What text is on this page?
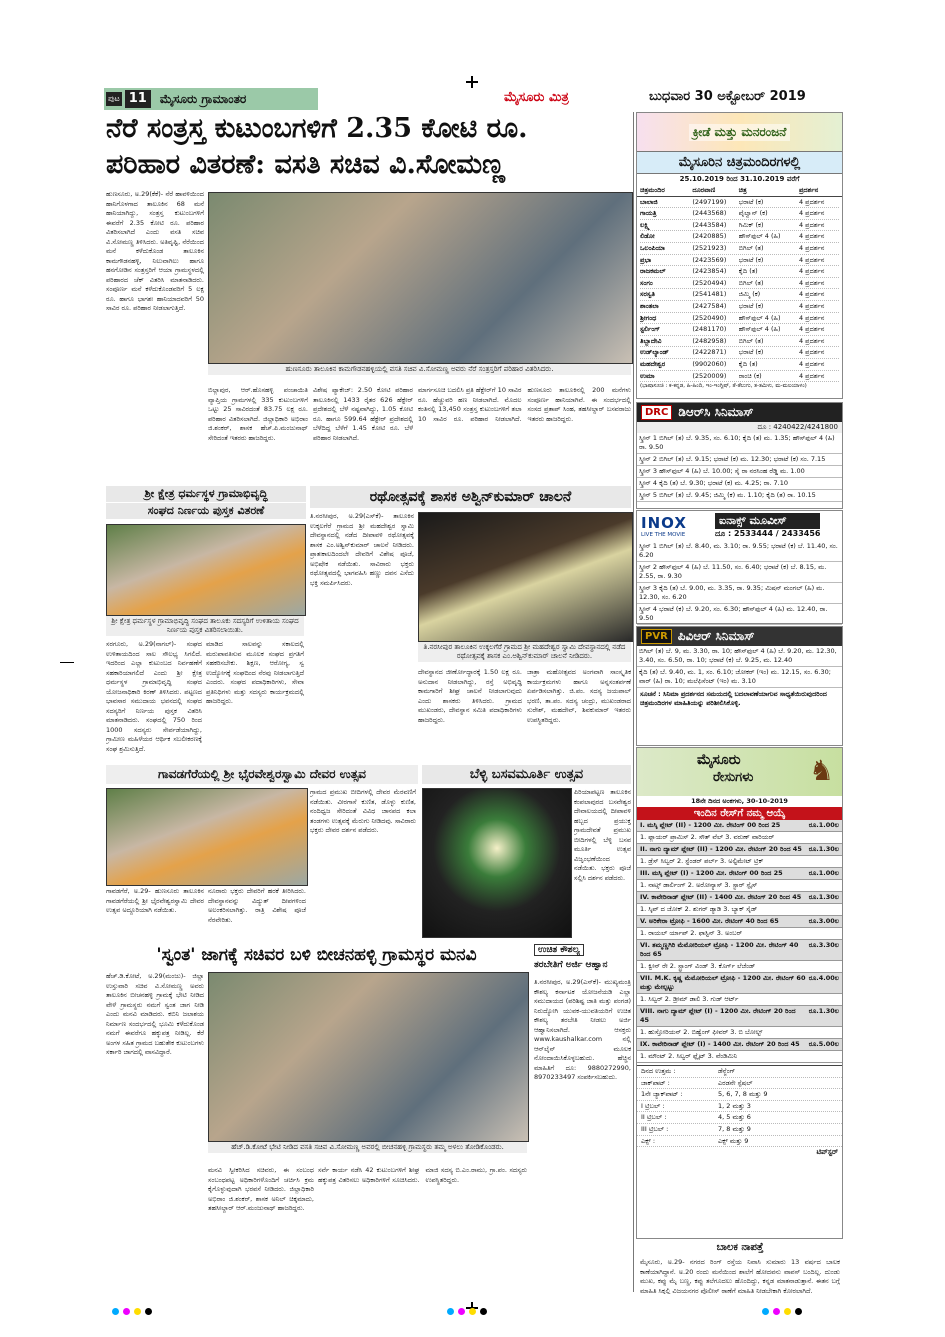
ಪುಟ 11	ಮೈಸೂರು ಗ್ರಾಮಾಂತರ	ಮೈಸೂರು ಮಿತ್ರ	ಬುಧವಾರ 30 ಅಕ್ಟೋಬರ್ 2019
ನೆರೆ ಸಂತ್ರಸ್ತ ಕುಟುಂಬಗಳಿಗೆ 2.35 ಕೋಟಿ ರೂ.
ಪರಿಹಾರ ವಿತರಣೆ: ವಸತಿ ಸಚಿವ ವಿ.ಸೋಮಣ್ಣ
ಹುಣಸೂರು, ಅ.29(ಕೆಕೆ)- ನೆರೆ ಹಾವಳಿಯಿಂದ ಹಾನಿಗೊಳಗಾದ ತಾಲೂಕಿನ 68 ಮನೆ ಹಾನಿಯಾಗಿದ್ದು, ಸಂತ್ರಸ್ತ ಕುಟುಂಬಗಳಿಗೆ ಈವರೆಗೆ 2.35 ಕೋಟಿ ರೂ. ಪರಿಹಾರ ವಿತರಿಸಲಾಗಿದೆ ಎಂದು ವಸತಿ ಸಚಿವ ವಿ.ಸೋಮಣ್ಣ ತಿಳಿಸಿದರು. ಅತಿವೃಷ್ಟಿ, ನೆರೆಯಿಂದ ಮನೆ ಕಳೆದುಕೊಂಡ ತಾಲೂಕಿನ ಕಾಮಗೌಡನಹಳ್ಳಿ, ನಿಲುವಾಗಿಲು ಹಾಗೂ ಹನಗೋಡಿನ ಸಂತ್ರಸ್ತರಿಗೆ ಆಯಾ ಗ್ರಾಮಸ್ಥಳದಲ್ಲಿ ಪರಿಹಾರದ ಚೆಕ್ ವಿತರಿಸಿ ಮಾತನಾಡಿದರು. ಸಂಪೂರ್ಣ ಮನೆ ಕಳೆದುಕೊಂಡವರಿಗೆ 5 ಲಕ್ಷ ರೂ. ಹಾಗೂ ಭಾಗಶಃ ಹಾನಿಯಾದವರಿಗೆ 50 ಸಾವಿರ ರೂ. ಪರಿಹಾರ ನೀಡಲಾಗುತ್ತಿದೆ.
ಹುಣಸೂರು ತಾಲೂಕಿನ ಕಾಮಗೌಡನಹಳ್ಳಿಯಲ್ಲಿ ವಸತಿ ಸಚಿವ ವಿ.ಸೋಮಣ್ಣ ಅವರು ನೆರೆ ಸಂತ್ರಸ್ತರಿಗೆ ಪರಿಹಾರ ವಿತರಿಸಿದರು.
ಬಿಲ್ಲಾಪುರ, ಆರ್.ಹೊಸಹಳ್ಳಿ ಪಂಚಾಯಿತಿ ವ್ಯಾಪ್ತಿಯ ಗ್ರಾಮಗಳಲ್ಲಿ 335 ಕುಟುಂಬಗಳಿಗೆ ಒಟ್ಟು 25 ಸಾವಿರದಂತೆ 83.75 ಲಕ್ಷ ರೂ. ಪರಿಹಾರ ವಿತರಿಸಲಾಗಿದೆ. ಜಿಲ್ಲಾಧಿಕಾರಿ ಅಭಿರಾಂ ಜಿ.ಶಂಕರ್, ಶಾಸಕ ಹೆಚ್.ಪಿ.ಮಂಜುನಾಥ್ ಸೇರಿದಂತೆ ಇತರರು ಹಾಜರಿದ್ದರು.
ವಿಶೇಷ ಪ್ಯಾಕೇಜ್: 2.50 ಕೋಟಿ ಪರಿಹಾರ ತಾಲೂಕಿನಲ್ಲಿ 1433 ರೈತರ 626 ಹೆಕ್ಟೇರ್ ಪ್ರದೇಶದಲ್ಲಿ ಬೆಳೆ ನಷ್ಟವಾಗಿದ್ದು, 1.05 ಕೋಟಿ ರೂ. ಹಾಗೂ 599.64 ಹೆಕ್ಟೇರ್ ಪ್ರದೇಶದಲ್ಲಿ ಬೆಳೆದಿದ್ದ ಬೆಳೆಗೆ 1.45 ಕೋಟಿ ರೂ. ಬೆಳೆ ಪರಿಹಾರ ನೀಡಲಾಗಿದೆ.
ಮಾರ್ಗಸೂಚಿ ಬದಲಿಸಿ ಪ್ರತಿ ಹೆಕ್ಟೇರ್‌ಗೆ 10 ಸಾವಿರ ರೂ. ಹೆಚ್ಚುವರಿ ಹಣ ನೀಡಲಾಗಿದೆ. ಮೊದಲ ಕಂತಿನಲ್ಲಿ 13,450 ಸಂತ್ರಸ್ತ ಕುಟುಂಬಗಳಿಗೆ ತಲಾ 10 ಸಾವಿರ ರೂ. ಪರಿಹಾರ ನೀಡಲಾಗಿದೆ. ಹುಣಸೂರು ತಾಲೂಕಿನಲ್ಲಿ 200 ಮನೆಗಳು ಸಂಪೂರ್ಣ ಹಾನಿಯಾಗಿವೆ. ಈ ಸಂದರ್ಭದಲ್ಲಿ ಸಂಸದ ಪ್ರತಾಪ್ ಸಿಂಹ, ತಹಸೀಲ್ದಾರ್ ಬಸವರಾಜು ಇತರರು ಹಾಜರಿದ್ದರು.
ಕ್ರೀಡೆ ಮತ್ತು ಮನರಂಜನೆ
ಮೈಸೂರಿನ ಚಿತ್ರಮಂದಿರಗಳಲ್ಲಿ
25.10.2019 ರಿಂದ 31.10.2019 ವರೆಗೆ
ಚಿತ್ರಮಂದಿರ	ದೂರವಾಣಿ	ಚಿತ್ರ	ಪ್ರದರ್ಶನ
ಬಾಲಾಜಿ	(2497199)	ಭರಾಟೆ (ಕ)	4 ಪ್ರದರ್ಶನ
ಗಾಯತ್ರಿ	(2443568)	ಪೈಲ್ವಾನ್ (ಕ)	4 ಪ್ರದರ್ಶನ
ಲಕ್ಷ್ಮಿ	(2443584)	ಗಿಮಿಕ್ (ಕ)	4 ಪ್ರದರ್ಶನ
ಲಿಡೋ	(2420885)	ಹೌಸ್‌ಫುಲ್ 4 (ಹಿ)	4 ಪ್ರದರ್ಶನ
ಒಲಂಪಿಯಾ	(2521923)	ಬಿಗಿಲ್ (ತ)	4 ಪ್ರದರ್ಶನ
ಪ್ರಭಾ	(2423569)	ಭರಾಟೆ (ಕ)	4 ಪ್ರದರ್ಶನ
ರಾಜಕಮಲ್	(2423854)	ಕೈದಿ (ತ)	4 ಪ್ರದರ್ಶನ
ಸಂಗಂ	(2520494)	ಬಿಗಿಲ್ (ತ)	4 ಪ್ರದರ್ಶನ
ಸರಸ್ವತಿ	(2541481)	ಜಿಮ್ಮಿ (ಕ)	4 ಪ್ರದರ್ಶನ
ಶಾಂತಲಾ	(2427584)	ಭರಾಟೆ (ಕ)	4 ಪ್ರದರ್ಶನ
ಶ್ರೀಗಂಧ	(2520490)	ಹೌಸ್‌ಫುಲ್ 4 (ಹಿ)	4 ಪ್ರದರ್ಶನ
ಸ್ಟರ್ಲಿಂಗ್	(2481170)	ಹೌಸ್‌ಫುಲ್ 4 (ಹಿ)	4 ಪ್ರದರ್ಶನ
ತಿಬ್ಬಾದೇವಿ	(2482958)	ಬಿಗಿಲ್ (ತ)	4 ಪ್ರದರ್ಶನ
ಉಡ್‌ಲ್ಯಾಂಡ್	(2422871)	ಭರಾಟೆ (ಕ)	4 ಪ್ರದರ್ಶನ
ಮಹದೇಶ್ವರ	(9902060)	ಕೈದಿ (ತ)	4 ಪ್ರದರ್ಶನ
ಉಮಾ	(2520009)	ರಾಂಚಿ (ಕ)	4 ಪ್ರದರ್ಶನ
(ಭಾಷಾಸೂಚಿ : ಕ-ಕನ್ನಡ, ಹಿ-ಹಿಂದಿ, ಇಂ-ಇಂಗ್ಲಿಷ್, ತೆ-ತೆಲುಗು, ತ-ತಮಿಳು, ಮ-ಮಲಯಾಳಂ)
DRC ಡಿಆರ್‌ಸಿ ಸಿನಿಮಾಸ್
ದೂ : 4240422/4241800
ಸ್ಕ್ರೀನ್ 1 ಬಿಗಿಲ್ (ತ) ಬೆ. 9.35, ಸಂ. 6.10; ಕೈದಿ (ತ) ಮ. 1.35; ಹೌಸ್‌ಫುಲ್ 4 (ಹಿ) ರಾ. 9.50
ಸ್ಕ್ರೀನ್ 2 ಬಿಗಿಲ್ (ತ) ಬೆ. 9.15; ಭರಾಟೆ (ಕ) ಮ. 12.30; ಭರಾಟೆ (ಕ) ಸಂ. 7.15
ಸ್ಕ್ರೀನ್ 3 ಹೌಸ್‌ಫುಲ್ 4 (ಹಿ) ಬೆ. 10.00; ಸೈ ರಾ ನರಸಿಂಹ ರೆಡ್ಡಿ ಮ. 1.00
ಸ್ಕ್ರೀನ್ 4 ಕೈದಿ (ತ) ಬೆ. 9.30; ಭರಾಟೆ (ಕ) ಮ. 4.25; ರಾ. 7.10
ಸ್ಕ್ರೀನ್ 5 ಬಿಗಿಲ್ (ತ) ಬೆ. 9.45; ಜಿಮ್ಮಿ (ಕ) ಮ. 1.10; ಕೈದಿ (ತ) ರಾ. 10.15
INOX
LIVE THE MOVIE
ಐನಾಕ್ಸ್ ಮೂವೀಸ್
ದೂ : 2533444 / 2433456
ಸ್ಕ್ರೀನ್ 1 ಬಿಗಿಲ್ (ತ) ಬೆ. 8.40, ಮ. 3.10; ರಾ. 9.55; ಭರಾಟೆ (ಕ) ಬೆ. 11.40, ಸಂ. 6.20
ಸ್ಕ್ರೀನ್ 2 ಹೌಸ್‌ಫುಲ್ 4 (ಹಿ) ಬೆ. 11.50, ಸಂ. 6.40; ಭರಾಟೆ (ಕ) ಬೆ. 8.15, ಮ. 2.55, ರಾ. 9.30
ಸ್ಕ್ರೀನ್ 3 ಕೈದಿ (ತ) ಬೆ. 9.00, ಮ. 3.35, ರಾ. 9.35; ಮಿಷನ್ ಮಂಗಲ್ (ಹಿ) ಮ. 12.30, ಸಂ. 6.20
ಸ್ಕ್ರೀನ್ 4 ಭರಾಟೆ (ಕ) ಬೆ. 9.20, ಸಂ. 6.30; ಹೌಸ್‌ಫುಲ್ 4 (ಹಿ) ಮ. 12.40, ರಾ. 9.50
PVR ಪಿವಿಆರ್ ಸಿನಿಮಾಸ್
ಬಿಗಿಲ್ (ತ) ಬೆ. 9, ಮ. 3.30, ರಾ. 10; ಹೌಸ್‌ಫುಲ್ 4 (ಹಿ) ಬೆ. 9.20, ಮ. 12.30, 3.40, ಸಂ. 6.50, ರಾ. 10; ಭರಾಟೆ (ಕ) ಬೆ. 9.25, ಮ. 12.40
ಕೈದಿ (ತ) ಬೆ. 9.40, ಮ. 1, ಸಂ. 6.10; ಜೋಕರ್ (ಇಂ) ಮ. 12.15, ಸಂ. 6.30; ವಾರ್ (ಹಿ) ರಾ. 10; ಮಲೆಫಿಸೆಂಟ್ (ಇಂ) ಮ. 3.10
ಸೂಚನೆ : ಸಿನಿಮಾ ಪ್ರದರ್ಶನದ ಸಮಯದಲ್ಲಿ ಬದಲಾವಣೆಯಾಗುವ ಸಾಧ್ಯತೆಯಿರುವುದರಿಂದ ಚಿತ್ರಮಂದಿರಗಳ ಮಾಹಿತಿಯನ್ನು ಪರಿಶೀಲಿಸಿಕೊಳ್ಳಿ.
ಶ್ರೀ ಕ್ಷೇತ್ರ ಧರ್ಮಸ್ಥಳ ಗ್ರಾಮಾಭಿವೃದ್ಧಿ
ಸಂಘದ ನಿರ್ಣಯ ಪುಸ್ತಕ ವಿತರಣೆ
ಶ್ರೀ ಕ್ಷೇತ್ರ ಧರ್ಮಸ್ಥಳ ಗ್ರಾಮಾಭಿವೃದ್ಧಿ ಸಂಘದ ತಾಲೂಕು ಸದಸ್ಯರಿಗೆ ಉಳಿತಾಯ ಸಂಘದ ನಿರ್ಣಯ ಪುಸ್ತಕ ವಿತರಿಸಲಾಯಿತು.
ಸರಗೂರು, ಅ.29(ನಾಗಲ್)- ಸಂಘದ ಉಳಿತಾಯದಿಂದ ಸಾಲ ಸೌಲಭ್ಯ ಸಿಗಲಿದೆ. ಇದರಿಂದ ಎಲ್ಲಾ ಕುಟುಂಬದ ನಿರ್ವಹಣೆಗೆ ಸಹಕಾರಿಯಾಗಲಿದೆ ಎಂದು ಶ್ರೀ ಕ್ಷೇತ್ರ ಧರ್ಮಸ್ಥಳ ಗ್ರಾಮಾಭಿವೃದ್ಧಿ ಸಂಘದ ಯೋಜನಾಧಿಕಾರಿ ಕಿರಣ್ ತಿಳಿಸಿದರು. ಪಟ್ಟಣದ ಭಾವಸಾರ ಸಮುದಾಯ ಭವನದಲ್ಲಿ ಸಂಘದ ಸದಸ್ಯರಿಗೆ ನಿರ್ಣಯ ಪುಸ್ತಕ ವಿತರಿಸಿ ಮಾತನಾಡಿದರು. ಸಂಘದಲ್ಲಿ 750 ರಿಂದ 1000 ಸದಸ್ಯರು ಸೇರ್ಪಡೆಯಾಗಿದ್ದು, ಗ್ರಾಮೀಣ ಮಹಿಳೆಯರ ಆರ್ಥಿಕ ಸಬಲೀಕರಣಕ್ಕೆ ಸಂಘ ಶ್ರಮಿಸುತ್ತಿದೆ.
ಮಾಡಿದ ಸಾಲವನ್ನು ಸಕಾಲದಲ್ಲಿ ಮರುಪಾವತಿಸುವ ಮೂಲಕ ಸಂಘದ ಪ್ರಗತಿಗೆ ಸಹಕರಿಸಬೇಕು. ಶಿಕ್ಷಣ, ಆರೋಗ್ಯ, ಸ್ವ ಉದ್ಯೋಗಕ್ಕೆ ಸಂಘದಿಂದ ನೆರವು ನೀಡಲಾಗುತ್ತಿದೆ ಎಂದರು. ಸಂಘದ ಪದಾಧಿಕಾರಿಗಳು, ಸೇವಾ ಪ್ರತಿನಿಧಿಗಳು ಮತ್ತು ಸದಸ್ಯರು ಕಾರ್ಯಕ್ರಮದಲ್ಲಿ ಹಾಜರಿದ್ದರು.
ರಥೋತ್ಸವಕ್ಕೆ ಶಾಸಕ ಅಶ್ವಿನ್‌ಕುಮಾರ್ ಚಾಲನೆ
ತಿ.ನರಸೀಪುರ, ಅ.29(ಎಸ್‌ಕೆ)- ತಾಲೂಕಿನ ಉಕ್ಕಲಗೆರೆ ಗ್ರಾಮದ ಶ್ರೀ ಮಹದೇಶ್ವರ ಸ್ವಾಮಿ ದೇವಸ್ಥಾನದಲ್ಲಿ ನಡೆದ ದೀಪಾವಳಿ ರಥೋತ್ಸವಕ್ಕೆ ಶಾಸಕ ಎಂ.ಅಶ್ವಿನ್‌ಕುಮಾರ್ ಚಾಲನೆ ನೀಡಿದರು. ಪ್ರಾತಃಕಾಲದಿಂದಲೇ ದೇವರಿಗೆ ವಿಶೇಷ ಪೂಜೆ, ಅಭಿಷೇಕ ನಡೆಯಿತು. ಸಾವಿರಾರು ಭಕ್ತರು ರಥೋತ್ಸವದಲ್ಲಿ ಭಾಗವಹಿಸಿ ಹಣ್ಣು ದವನ ಎಸೆದು ಭಕ್ತಿ ಸಮರ್ಪಿಸಿದರು.
ತಿ.ನರಸೀಪುರ ತಾಲೂಕಿನ ಉಕ್ಕಲಗೆರೆ ಗ್ರಾಮದ ಶ್ರೀ ಮಹದೇಶ್ವರ ಸ್ವಾಮಿ ದೇವಸ್ಥಾನದಲ್ಲಿ ನಡೆದ ರಥೋತ್ಸವಕ್ಕೆ ಶಾಸಕ ಎಂ.ಅಶ್ವಿನ್‌ಕುಮಾರ್ ಚಾಲನೆ ನೀಡಿದರು.
ದೇವಸ್ಥಾನದ ಜೀರ್ಣೋದ್ಧಾರಕ್ಕೆ 1.50 ಲಕ್ಷ ರೂ. ಅನುದಾನ ನೀಡಲಾಗಿದ್ದು, ರಸ್ತೆ ಅಭಿವೃದ್ಧಿ ಕಾಮಗಾರಿಗೆ ಶೀಘ್ರ ಚಾಲನೆ ನೀಡಲಾಗುವುದು ಎಂದು ಶಾಸಕರು ತಿಳಿಸಿದರು. ಗ್ರಾಮದ ಮುಖಂಡರು, ದೇವಸ್ಥಾನ ಸಮಿತಿ ಪದಾಧಿಕಾರಿಗಳು ಹಾಜರಿದ್ದರು.
ಜಾತ್ರಾ ಮಹೋತ್ಸವದ ಅಂಗವಾಗಿ ಸಾಂಸ್ಕೃತಿಕ ಕಾರ್ಯಕ್ರಮಗಳು ಹಾಗೂ ಅನ್ನಸಂತರ್ಪಣೆ ಏರ್ಪಡಿಸಲಾಗಿತ್ತು. ಜಿ.ಪಂ. ಸದಸ್ಯ ಜಯಪಾಲ್ ಭರಣಿ, ತಾ.ಪಂ. ಸದಸ್ಯ ಚಂದ್ರು, ಮುಖಂಡರಾದ ಸುರೇಶ್, ಮಹದೇವ್, ಶಿವಕುಮಾರ್ ಇತರರು ಉಪಸ್ಥಿತರಿದ್ದರು.
ಗಾವಡಗೆರೆಯಲ್ಲಿ ಶ್ರೀ ಭೈರವೇಶ್ವರಸ್ವಾಮಿ ದೇವರ ಉತ್ಸವ
ಗಾವಡಗೆರೆ, ಅ.29- ಹುಣಸೂರು ತಾಲೂಕಿನ ಗಾವಡಗೆರೆಯಲ್ಲಿ ಶ್ರೀ ಭೈರವೇಶ್ವರಸ್ವಾಮಿ ದೇವರ ಉತ್ಸವ ಅದ್ದೂರಿಯಾಗಿ ನಡೆಯಿತು.
ಗ್ರಾಮದ ಪ್ರಮುಖ ಬೀದಿಗಳಲ್ಲಿ ದೇವರ ಮೆರವಣಿಗೆ ನಡೆಯಿತು. ವೀರಗಾಸೆ ಕುಣಿತ, ಡೊಳ್ಳು ಕುಣಿತ, ನಂದಿಧ್ವಜ ಸೇರಿದಂತೆ ವಿವಿಧ ಜಾನಪದ ಕಲಾ ತಂಡಗಳು ಉತ್ಸವಕ್ಕೆ ಮೆರುಗು ನೀಡಿದವು. ಸಾವಿರಾರು ಭಕ್ತರು ದೇವರ ದರ್ಶನ ಪಡೆದರು.
ನೂರಾರು ಭಕ್ತರು ದೇವರಿಗೆ ಹರಕೆ ತೀರಿಸಿದರು. ದೇವಸ್ಥಾನವನ್ನು ವಿದ್ಯುತ್ ದೀಪಗಳಿಂದ ಅಲಂಕರಿಸಲಾಗಿತ್ತು. ರಾತ್ರಿ ವಿಶೇಷ ಪೂಜೆ ನೆರವೇರಿತು.
ಬೆಳ್ಳಿ ಬಸವಮೂರ್ತಿ ಉತ್ಸವ
ಪಿರಿಯಾಪಟ್ಟಣ ತಾಲೂಕಿನ ಕಂಪಲಾಪುರದ ಬಸವೇಶ್ವರ ದೇವಾಲಯದಲ್ಲಿ ದೀಪಾವಳಿ ಹಬ್ಬದ ಪ್ರಯುಕ್ತ ಗ್ರಾಮದೇವತೆ ಪ್ರಮುಖ ಬೀದಿಗಳಲ್ಲಿ ಬೆಳ್ಳಿ ಬಸವ ಮೂರ್ತಿ ಉತ್ಸವ ವಿಜೃಂಭಣೆಯಿಂದ ನಡೆಯಿತು. ಭಕ್ತರು ಪೂಜೆ ಸಲ್ಲಿಸಿ ದರ್ಶನ ಪಡೆದರು.
ಮೈಸೂರು
ರೇಸುಗಳು ♞
18ನೇ ದಿನದ ಅಂಕಗಳು, 30-10-2019
ಇಂದಿನ ರೇಸ್‌ಗೆ ನಮ್ಮ ಆಯ್ಕೆ
I. ಮಸ್ಕಿ ಪ್ಲೇಟ್ (II) - 1200 ಮೀ. ರೇಟಿಂಗ್ 00 ರಿಂದ 25	ರೂ.1.00ಲ
1. ಫ್ಲಾಯರ್ ಪ್ರಾಮಿಸ್ 2. ಸೌತ್ ವೆಲ್ 3. ವರುಣ್ ವಾರಿಯರ್
II. ನಾಗು ದ್ಯಾಮ್ ಪ್ಲೇಟ್ (II) - 1200 ಮೀ. ರೇಟಿಂಗ್ 20 ರಿಂದ 45 ರೂ.1.30ಲ
1. ಡ್ರೆಸ್ ಸಿಲ್ವರ್ 2. ಸ್ಟೆಂಡರ್ ಪರ್ಲ್ 3. ಅಲ್ಟಿಮೇಟ್ ಟ್ರಿಕ್
III. ಮಸ್ಕಿ ಪ್ಲೇಟ್ (I) - 1200 ಮೀ. ರೇಟಿಂಗ್ 00 ರಿಂದ 25	ರೂ.1.00ಲ
1. ನಾಟ್ಸ್ ಡಾರ್ಲಿಂಗ್ 2. ಅರೋನ್ಯಾಸ್ 3. ಸ್ಟಾರ್ ಸ್ಪೈಸ್
IV. ಕಾವೇರಿನಾಡ್ ಪ್ಲೇಟ್ (II) - 1400 ಮೀ. ರೇಟಿಂಗ್ 20 ರಿಂದ 45 ರೂ.1.30ಲ
1. ಸ್ಕಿಪ್ ದ ಜೋಕ್ 2. ಶುಗರ್ ಡ್ಯಾಡಿ 3. ಬ್ಯಾಕ್ ಸೈಡ್
V. ಅರಿಕೇರಾ ಟ್ರೋಫಿ - 1600 ಮೀ. ರೇಟಿಂಗ್ 40 ರಿಂದ 65	ರೂ.3.00ಲ
1. ರಾಯಲ್ ರ್ಯಾಪ್ 2. ಫಾಸ್ಟಿನ್ 3. ಅಂಬರ್
VI. ತಮ್ಮಣ್ಣಗಿರಿ ಮೆಮೋರಿಯಲ್ ಟ್ರೋಫಿ - 1200 ಮೀ. ರೇಟಿಂಗ್ 40 ರಿಂದ 65
ರೂ.3.30ಲ
1. ಕ್ವೀನ್ ರೇ 2. ಸ್ಟ್ರಾಂಗ್ ವಿಂಡ್ 3. ಕೊರ್ಗ್ ಲೆಜೆಂಡ್
VII. M.K. ಕೃಷ್ಣ ಮೆಮೋರಿಯಲ್ ಟ್ರೋಫಿ - 1200 ಮೀ. ರೇಟಿಂಗ್ 60 ಮತ್ತು ಮೇಲ್ಪಟ್ಟು
ರೂ.4.00ಲ
1. ಸಿಲ್ವರ್ 2. ಡ್ರೀಮ್ ಡಾಲಿ 3. ಗುಡ್ ಆರ್ಟ್
VIII. ನಾಗು ದ್ಯಾಮ್ ಪ್ಲೇಟ್ (I) - 1200 ಮೀ. ರೇಟಿಂಗ್ 20 ರಿಂದ 45
ರೂ.1.30ಲ
1. ಹುಸ್ತೋರಿಯನ್ 2. ಬಿಹ್ವೆಂಗ್ ಫೀವರ್ 3. ಬಿ ಬೋಲ್ಟ್
IX. ಕಾವೇರಿನಾಡ್ ಪ್ಲೇಟ್ (I) - 1400 ಮೀ. ರೇಟಿಂಗ್ 20 ರಿಂದ 45 ರೂ.5.00ಲ
1. ಮೌಂಟ್ 2. ಸಿಲ್ವರ್ ಫ್ಲೈಟ್ 3. ವೆಂಡಿಮಿನಿ
ದಿನದ ಉತ್ತಮ :	ಡೆನ್ಜೆಂಗ್
ಜಾಕ್‌ಪಾಟ್ :	ಎರಡನೇ ಸ್ಪೆಷಲ್
1ನೇ ಜ್ಯಾಕ್‌ಪಾಟ್ :	5, 6, 7, 8 ಮತ್ತು 9
I ಟ್ರಿಬಲ್ :	1, 2 ಮತ್ತು 3
II ಟ್ರಿಬಲ್ :	4, 5 ಮತ್ತು 6
III ಟ್ರಿಬಲ್ :	7, 8 ಮತ್ತು 9
ಎಕ್ಸ್ :	ಎಕ್ಸ್ ಮತ್ತು 9
ಟಿಪ್‌ಸ್ಟರ್
'ಸ್ವಂತ' ಜಾಗಕ್ಕೆ ಸಚಿವರ ಬಳಿ ಬೀಚನಹಳ್ಳಿ ಗ್ರಾಮಸ್ಥರ ಮನವಿ
ಹೆಚ್.ಡಿ.ಕೋಟೆ, ಅ.29(ಮಂಜು)- ಜಿಲ್ಲಾ ಉಸ್ತುವಾರಿ ಸಚಿವ ವಿ.ಸೋಮಣ್ಣ ಅವರು ತಾಲೂಕಿನ ಬೀಚನಹಳ್ಳಿ ಗ್ರಾಮಕ್ಕೆ ಭೇಟಿ ನೀಡಿದ ವೇಳೆ ಗ್ರಾಮಸ್ಥರು ನಮಗೆ ಸ್ವಂತ ಜಾಗ ನೀಡಿ ಎಂದು ಮನವಿ ಮಾಡಿದರು. ಕಬಿನಿ ಜಲಾಶಯ ನಿರ್ಮಾಣ ಸಂದರ್ಭದಲ್ಲಿ ಭೂಮಿ ಕಳೆದುಕೊಂಡ ನಮಗೆ ಈವರೆಗೂ ಹಕ್ಕುಪತ್ರ ನೀಡಿಲ್ಲ. ಕೆರೆ ಅಂಗಳ ಸಹಿತ ಗ್ರಾಮದ ಬಹುತೇಕ ಕುಟುಂಬಗಳು ಸರ್ಕಾರಿ ಜಾಗದಲ್ಲಿ ವಾಸವಿದ್ದಾರೆ.
ಹೆಚ್.ಡಿ.ಕೋಟೆ ಭೇಟಿ ನೀಡಿದ ವಸತಿ ಸಚಿವ ವಿ.ಸೋಮಣ್ಣ ಅವರಲ್ಲಿ ಬೀಚನಹಳ್ಳಿ ಗ್ರಾಮಸ್ಥರು ತಮ್ಮ ಅಳಲು ತೋಡಿಕೊಂಡರು.
ಮನವಿ ಸ್ವೀಕರಿಸಿದ ಸಚಿವರು, ಈ ಸಂಬಂಧ ಸಂಬಂಧಪಟ್ಟ ಅಧಿಕಾರಿಗಳೊಂದಿಗೆ ಚರ್ಚಿಸಿ ಕ್ರಮ ಕೈಗೊಳ್ಳುವುದಾಗಿ ಭರವಸೆ ನೀಡಿದರು. ಜಿಲ್ಲಾಧಿಕಾರಿ ಅಭಿರಾಂ ಜಿ.ಶಂಕರ್, ಶಾಸಕ ಅನಿಲ್ ಚಿಕ್ಕಮಾದು, ತಹಸೀಲ್ದಾರ್ ಆರ್.ಮಂಜುನಾಥ್ ಹಾಜರಿದ್ದರು.
ಸರ್ವೆ ಕಾರ್ಯ ನಡೆಸಿ 42 ಕುಟುಂಬಗಳಿಗೆ ಶೀಘ್ರ ಹಕ್ಕುಪತ್ರ ವಿತರಿಸಲು ಅಧಿಕಾರಿಗಳಿಗೆ ಸೂಚಿಸಿದರು. ಮಾಜಿ ಸದಸ್ಯ ಬಿ.ಎಂ.ರಾಮು, ಗ್ರಾ.ಪಂ. ಸದಸ್ಯರು ಉಪಸ್ಥಿತರಿದ್ದರು.
ಉಚಿತ ಕೌಶಲ್ಯ
ತರಬೇತಿಗೆ ಅರ್ಜಿ ಆಹ್ವಾನ
ತಿ.ನರಸೀಪುರ, ಅ.29(ಎಸ್‌ಕೆ)- ಮುಖ್ಯಮಂತ್ರಿ ಕೌಶಲ್ಯ ಕರ್ನಾಟಕ ಯೋಜನೆಯಡಿ ಎಲ್ಲಾ ಸಮುದಾಯದ (ಪರಿಶಿಷ್ಟ ಜಾತಿ ಮತ್ತು ಪಂಗಡ) ನಿರುದ್ಯೋಗಿ ಯುವಕ-ಯುವತಿಯರಿಗೆ ಉಚಿತ ಕೌಶಲ್ಯ ತರಬೇತಿ ನೀಡಲು ಅರ್ಜಿ ಆಹ್ವಾನಿಸಲಾಗಿದೆ. ಆಸಕ್ತರು www.kaushalkar.com ನಲ್ಲಿ ಆನ್‌ಲೈನ್ ಮೂಲಕ ನೋಂದಾಯಿಸಿಕೊಳ್ಳಬಹುದು. ಹೆಚ್ಚಿನ ಮಾಹಿತಿಗೆ ದೂ: 9880272990, 8970233497 ಸಂಪರ್ಕಿಸಬಹುದು.
ಬಾಲಕ ನಾಪತ್ತೆ
ಮೈಸೂರು, ಅ.29- ನಗರದ ರಿಂಗ್ ರಸ್ತೆಯ ನಿವಾಸಿ ಸುಮಾರು 13 ವರ್ಷದ ಬಾಲಕ ಕಾಣೆಯಾಗಿದ್ದಾನೆ. ಅ.20 ರಂದು ಮನೆಯಿಂದ ಶಾಲೆಗೆ ಹೋದವನು ವಾಪಸ್ ಬಂದಿಲ್ಲ. ದುಂಡು ಮುಖ, ಕಪ್ಪು ಮೈ ಬಣ್ಣ, ಕಪ್ಪು ತಲೆಗೂದಲು ಹೊಂದಿದ್ದು, ಕನ್ನಡ ಮಾತನಾಡುತ್ತಾನೆ. ಈತನ ಬಗ್ಗೆ ಮಾಹಿತಿ ಸಿಕ್ಕಲ್ಲಿ ವಿಜಯನಗರ ಪೊಲೀಸ್ ಠಾಣೆಗೆ ಮಾಹಿತಿ ನೀಡಬೇಕಾಗಿ ಕೋರಲಾಗಿದೆ.
